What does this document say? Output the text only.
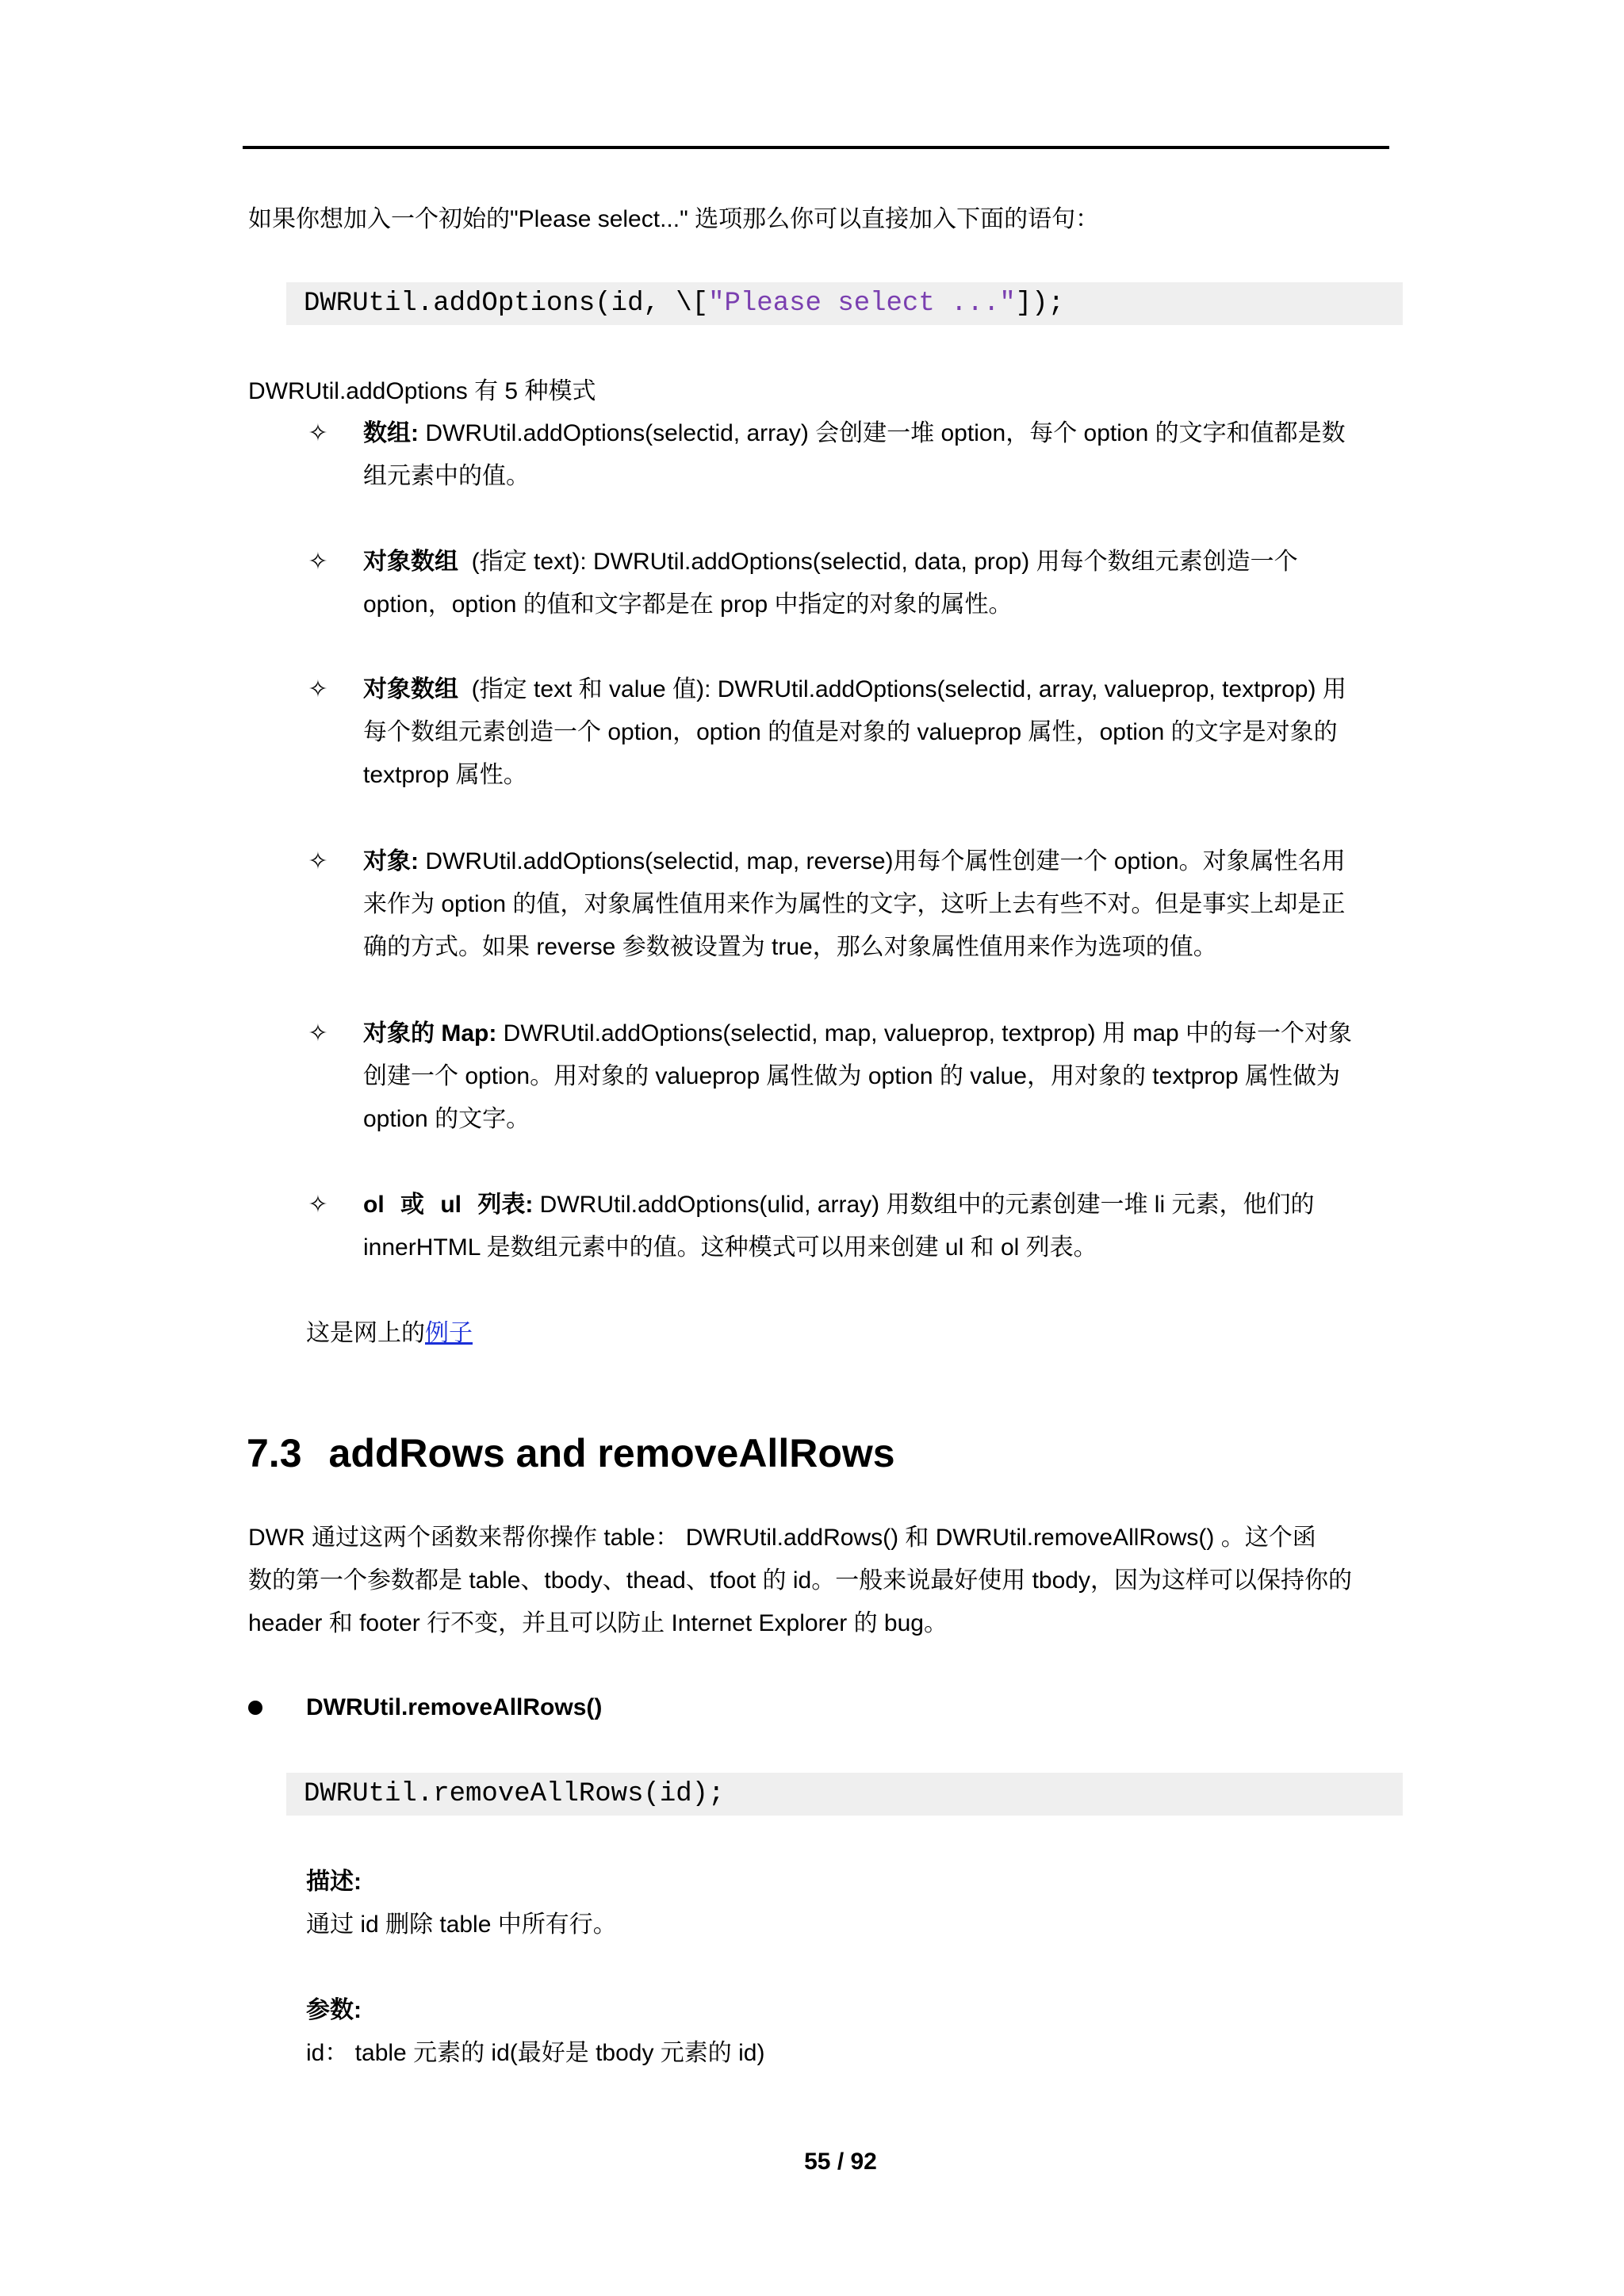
如果你想加入一个初始的"Please select..." 选项那么你可以直接加入下面的语句：
DWRUtil.addOptions(id, \["Please select ..."]);
DWRUtil.addOptions 有 5 种模式
✧ 数组: DWRUtil.addOptions(selectid, array) 会创建一堆 option，每个 option 的文字和值都是数
组元素中的值。
✧ 对象数组 (指定 text): DWRUtil.addOptions(selectid, data, prop) 用每个数组元素创造一个
option，option 的值和文字都是在 prop 中指定的对象的属性。
✧ 对象数组 (指定 text 和 value 值): DWRUtil.addOptions(selectid, array, valueprop, textprop) 用
每个数组元素创造一个 option，option 的值是对象的 valueprop 属性，option 的文字是对象的
textprop 属性。
✧ 对象: DWRUtil.addOptions(selectid, map, reverse)用每个属性创建一个 option。对象属性名用
来作为 option 的值，对象属性值用来作为属性的文字，这听上去有些不对。但是事实上却是正
确的方式。如果 reverse 参数被设置为 true，那么对象属性值用来作为选项的值。
✧ 对象的 Map: DWRUtil.addOptions(selectid, map, valueprop, textprop) 用 map 中的每一个对象
创建一个 option。用对象的 valueprop 属性做为 option 的 value，用对象的 textprop 属性做为
option 的文字。
✧ ol 或 ul 列表: DWRUtil.addOptions(ulid, array) 用数组中的元素创建一堆 li 元素，他们的
innerHTML 是数组元素中的值。这种模式可以用来创建 ul 和 ol 列表。
这是网上的例子
7.3 addRows and removeAllRows
DWR 通过这两个函数来帮你操作 table： DWRUtil.addRows() 和 DWRUtil.removeAllRows() 。这个函
数的第一个参数都是 table、tbody、thead、tfoot 的 id。一般来说最好使用 tbody，因为这样可以保持你的
header 和 footer 行不变，并且可以防止 Internet Explorer 的 bug。
DWRUtil.removeAllRows()
DWRUtil.removeAllRows(id);
描述:
通过 id 删除 table 中所有行。
参数:
id： table 元素的 id(最好是 tbody 元素的 id)
55 / 92
